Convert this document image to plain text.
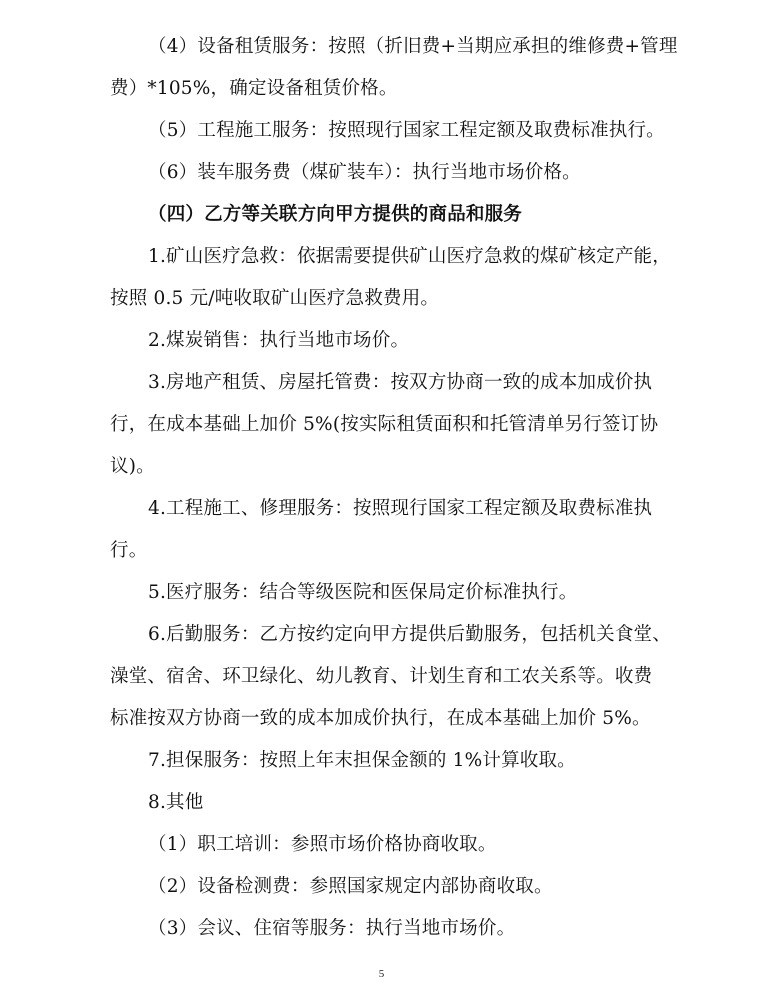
（4）设备租赁服务：按照（折旧费+当期应承担的维修费+管理
费）*105%，确定设备租赁价格。
（5）工程施工服务：按照现行国家工程定额及取费标准执行。
（6）装车服务费（煤矿装车）：执行当地市场价格。
（四）乙方等关联方向甲方提供的商品和服务
1.矿山医疗急救：依据需要提供矿山医疗急救的煤矿核定产能，
按照 0.5 元/吨收取矿山医疗急救费用。
2.煤炭销售：执行当地市场价。
3.房地产租赁、房屋托管费：按双方协商一致的成本加成价执
行，在成本基础上加价 5%(按实际租赁面积和托管清单另行签订协
议)。
4.工程施工、修理服务：按照现行国家工程定额及取费标准执
行。
5.医疗服务：结合等级医院和医保局定价标准执行。
6.后勤服务：乙方按约定向甲方提供后勤服务，包括机关食堂、
澡堂、宿舍、环卫绿化、幼儿教育、计划生育和工农关系等。收费
标准按双方协商一致的成本加成价执行，在成本基础上加价 5%。
7.担保服务：按照上年末担保金额的 1%计算收取。
8.其他
（1）职工培训：参照市场价格协商收取。
（2）设备检测费：参照国家规定内部协商收取。
（3）会议、住宿等服务：执行当地市场价。
5
